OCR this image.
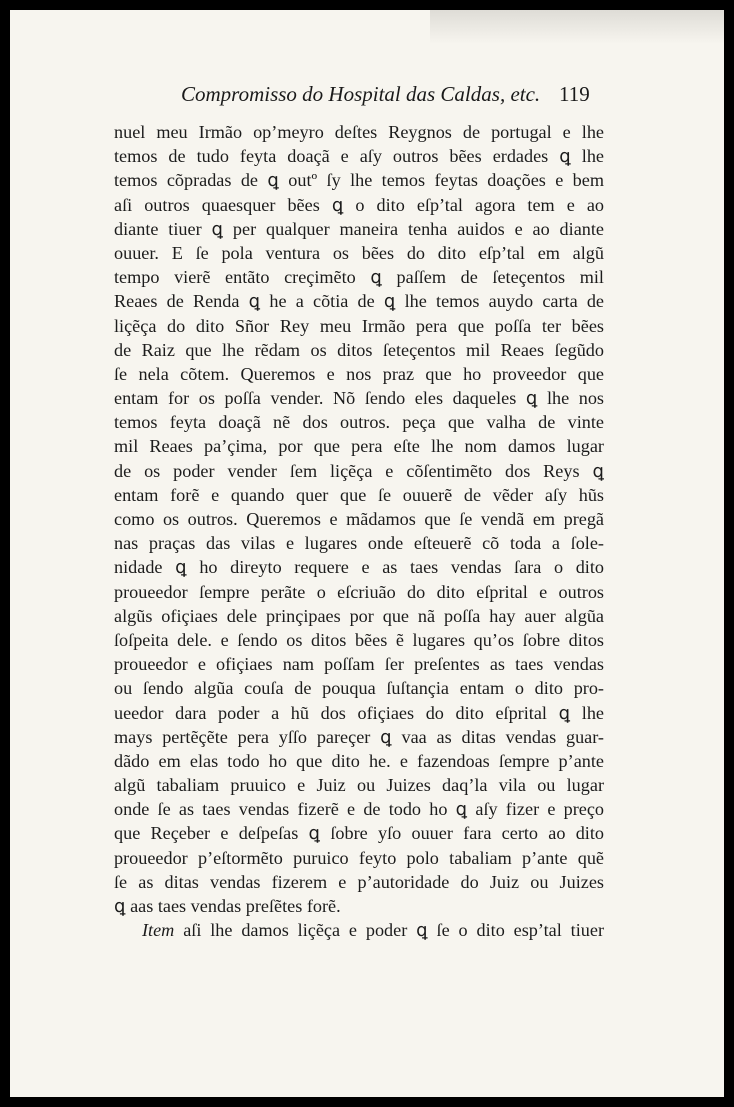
Compromisso do Hospital das Caldas, etc. 119
nuel meu Irmão op’meyro deſtes Reygnos de portugal e lhe
temos de tudo feyta doaçã e aſy outros bẽes erdades ꝗ lhe
temos cõpradas de ꝗ outº ſy lhe temos feytas doações e bem
aſi outros quaesquer bẽes ꝗ o dito eſp’tal agora tem e ao
diante tiuer ꝗ per qualquer maneira tenha auidos e ao diante
ouuer. E ſe pola ventura os bẽes do dito eſp’tal em algũ
tempo vierẽ entãto creçimẽto ꝗ paſſem de ſeteçentos mil
Reaes de Renda ꝗ he a cõtia de ꝗ lhe temos auydo carta de
liçẽça do dito Sñor Rey meu Irmão pera que poſſa ter bẽes
de Raiz que lhe rẽdam os ditos ſeteçentos mil Reaes ſegũdo
ſe nela cõtem. Queremos e nos praz que ho proveedor que
entam for os poſſa vender. Nõ ſendo eles daqueles ꝗ lhe nos
temos feyta doaçã nẽ dos outros. peça que valha de vinte
mil Reaes pa’çima, por que pera eſte lhe nom damos lugar
de os poder vender ſem liçẽça e cõſentimẽto dos Reys ꝗ
entam forẽ e quando quer que ſe ouuerẽ de vẽder aſy hũs
como os outros. Queremos e mãdamos que ſe vendã em pregã
nas praças das vilas e lugares onde eſteuerẽ cõ toda a ſole-
nidade ꝗ ho direyto requere e as taes vendas ſara o dito
proueedor ſempre perãte o eſcriuão do dito eſprital e outros
algũs ofiçiaes dele prinçipaes por que nã poſſa hay auer algũa
ſoſpeita dele. e ſendo os ditos bẽes ẽ lugares qu’os ſobre ditos
proueedor e ofiçiaes nam poſſam ſer preſentes as taes vendas
ou ſendo algũa couſa de pouqua ſuſtançia entam o dito pro-
ueedor dara poder a hũ dos ofiçiaes do dito eſprital ꝗ lhe
mays pertẽçẽte pera yſſo pareçer ꝗ vaa as ditas vendas guar-
dãdo em elas todo ho que dito he. e fazendoas ſempre p’ante
algũ tabaliam pruuico e Juiz ou Juizes daq’la vila ou lugar
onde ſe as taes vendas fizerẽ e de todo ho ꝗ aſy fizer e preço
que Reçeber e deſpeſas ꝗ ſobre yſo ouuer fara certo ao dito
proueedor p’eſtormẽto puruico feyto polo tabaliam p’ante quẽ
ſe as ditas vendas fizerem e p’autoridade do Juiz ou Juizes
ꝗ aas taes vendas preſẽtes forẽ.
Item aſi lhe damos liçẽça e poder ꝗ ſe o dito esp’tal tiuer
